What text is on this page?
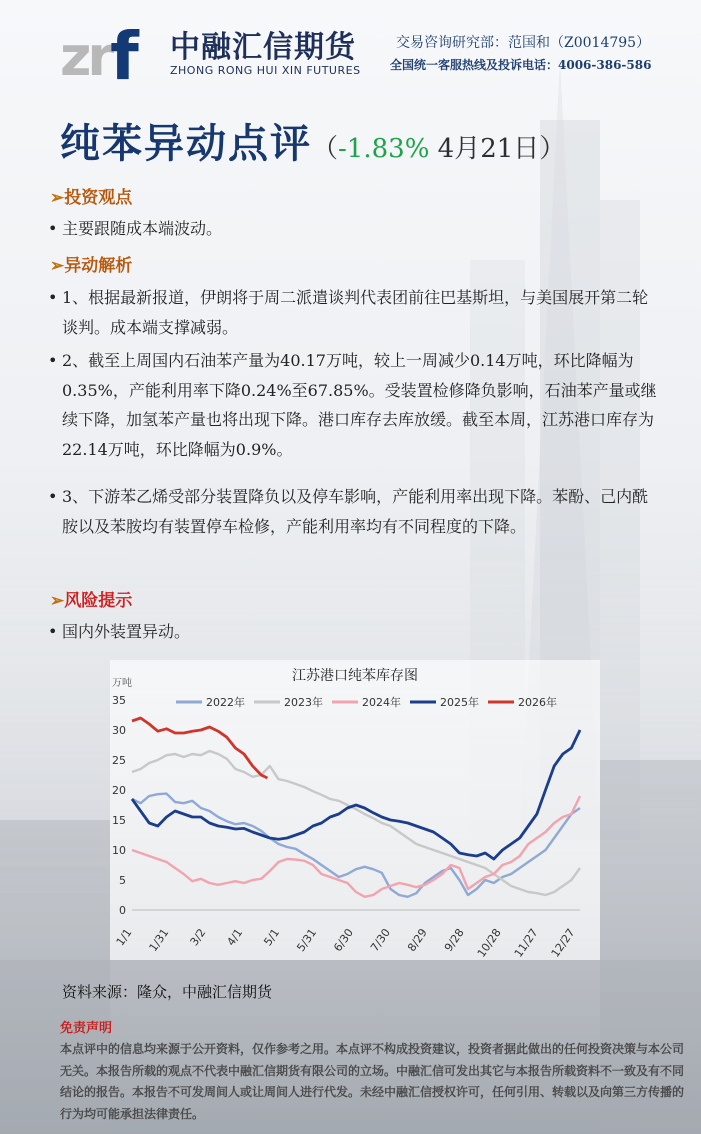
zrf 中融汇信期货
ZHONG RONG HUI XIN FUTURES
交易咨询研究部：范国和（Z0014795）
全国统一客服热线及投诉电话：4006-386-586
纯苯异动点评（-1.83% 4月21日）
➢投资观点
• 主要跟随成本端波动。
➢异动解析
• 1、根据最新报道，伊朗将于周二派遣谈判代表团前往巴基斯坦，与美国展开第二轮谈判。成本端支撑减弱。
• 2、截至上周国内石油苯产量为40.17万吨，较上一周减少0.14万吨，环比降幅为0.35%，产能利用率下降0.24%至67.85%。受装置检修降负影响，石油苯产量或继续下降，加氢苯产量也将出现下降。港口库存去库放缓。截至本周，江苏港口库存为22.14万吨，环比降幅为0.9%。
• 3、下游苯乙烯受部分装置降负以及停车影响，产能利用率出现下降。苯酚、己内酰胺以及苯胺均有装置停车检修，产能利用率均有不同程度的下降。
➢风险提示
• 国内外装置异动。
江苏港口纯苯库存图
万吨
0
5
10
15
20
25
30
35
1/1 1/31 3/2 4/1 5/1 5/31 6/30 7/30 8/29 9/28 10/28 11/27 12/27
2022年	2023年	2024年	2025年	2026年
资料来源：隆众，中融汇信期货
免责声明
本点评中的信息均来源于公开资料，仅作参考之用。本点评不构成投资建议，投资者据此做出的任何投资决策与本公司无关。本报告所载的观点不代表中融汇信期货有限公司的立场。中融汇信可发出其它与本报告所载资料不一致及有不同结论的报告。本报告不可发周间人或让周间人进行代发。未经中融汇信授权许可，任何引用、转载以及向第三方传播的行为均可能承担法律责任。
